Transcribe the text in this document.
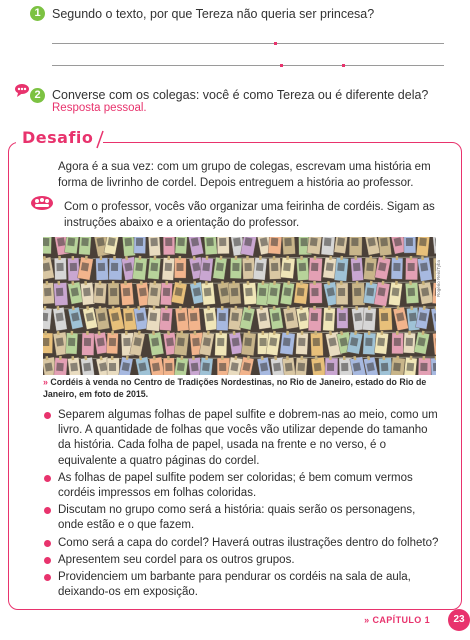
1 Segundo o texto, por que Tereza não queria ser princesa?
2 Converse com os colegas: você é como Tereza ou é diferente dela?
Resposta pessoal.
Desafio
Agora é a sua vez: com um grupo de colegas, escrevam uma história em forma de livrinho de cordel. Depois entreguem a história ao professor.
Com o professor, vocês vão organizar uma feirinha de cordéis. Sigam as instruções abaixo e a orientação do professor.
Rogério Reis/Tyba
» Cordéis à venda no Centro de Tradições Nordestinas, no Rio de Janeiro, estado do Rio de Janeiro, em foto de 2015.
Separem algumas folhas de papel sulfite e dobrem-nas ao meio, como um livro. A quantidade de folhas que vocês vão utilizar depende do tamanho da história. Cada folha de papel, usada na frente e no verso, é o equivalente a quatro páginas do cordel.
As folhas de papel sulfite podem ser coloridas; é bem comum vermos cordéis impressos em folhas coloridas.
Discutam no grupo como será a história: quais serão os personagens, onde estão e o que fazem.
Como será a capa do cordel? Haverá outras ilustrações dentro do folheto?
Apresentem seu cordel para os outros grupos.
Providenciem um barbante para pendurar os cordéis na sala de aula, deixando-os em exposição.
» CAPÍTULO 1	23
